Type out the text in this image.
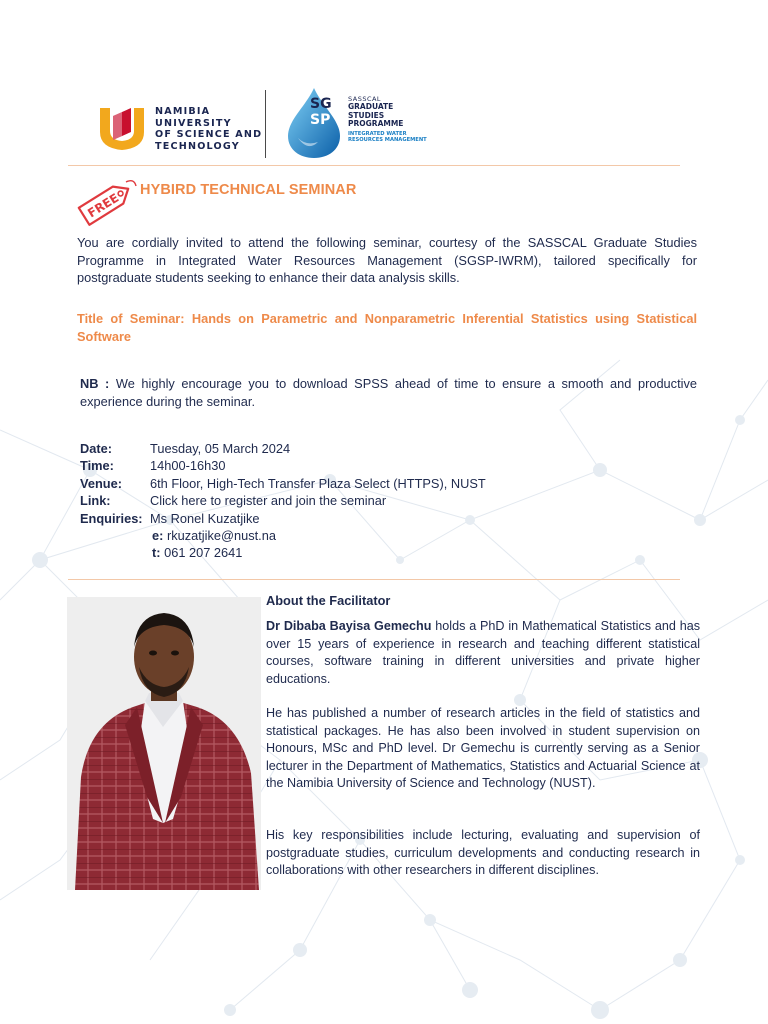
NAMIBIA
UNIVERSITY
OF SCIENCE AND
TECHNOLOGY
SG
SP
SASSCAL
GRADUATE
STUDIES
PROGRAMME
INTEGRATED WATER
RESOURCES MANAGEMENT
FREE
HYBIRD TECHNICAL SEMINAR

You are cordially invited to attend the following seminar, courtesy of the SASSCAL Graduate Studies Programme in Integrated Water Resources Management (SGSP-IWRM), tailored specifically for postgraduate students seeking to enhance their data analysis skills.

Title of Seminar: Hands on Parametric and Nonparametric Inferential Statistics using Statistical Software

NB : We highly encourage you to download SPSS ahead of time to ensure a smooth and productive experience during the seminar.

Date:	Tuesday, 05 March 2024
Time:	14h00-16h30
Venue:	6th Floor, High-Tech Transfer Plaza Select (HTTPS), NUST
Link:	Click here to register and join the seminar
Enquiries: Ms Ronel Kuzatjike
e: rkuzatjike@nust.na
t: 061 207 2641
About the Facilitator

Dr Dibaba Bayisa Gemechu holds a PhD in Mathematical Statistics and has over 15 years of experience in research and teaching different statistical courses, software training in different universities and private higher educations.

He has published a number of research articles in the field of statistics and statistical packages. He has also been involved in student supervision on Honours, MSc and PhD level. Dr Gemechu is currently serving as a Senior lecturer in the Department of Mathematics, Statistics and Actuarial Science at the Namibia University of Science and Technology (NUST).

His key responsibilities include lecturing, evaluating and supervision of postgraduate studies, curriculum developments and conducting research in collaborations with other researchers in different disciplines.
